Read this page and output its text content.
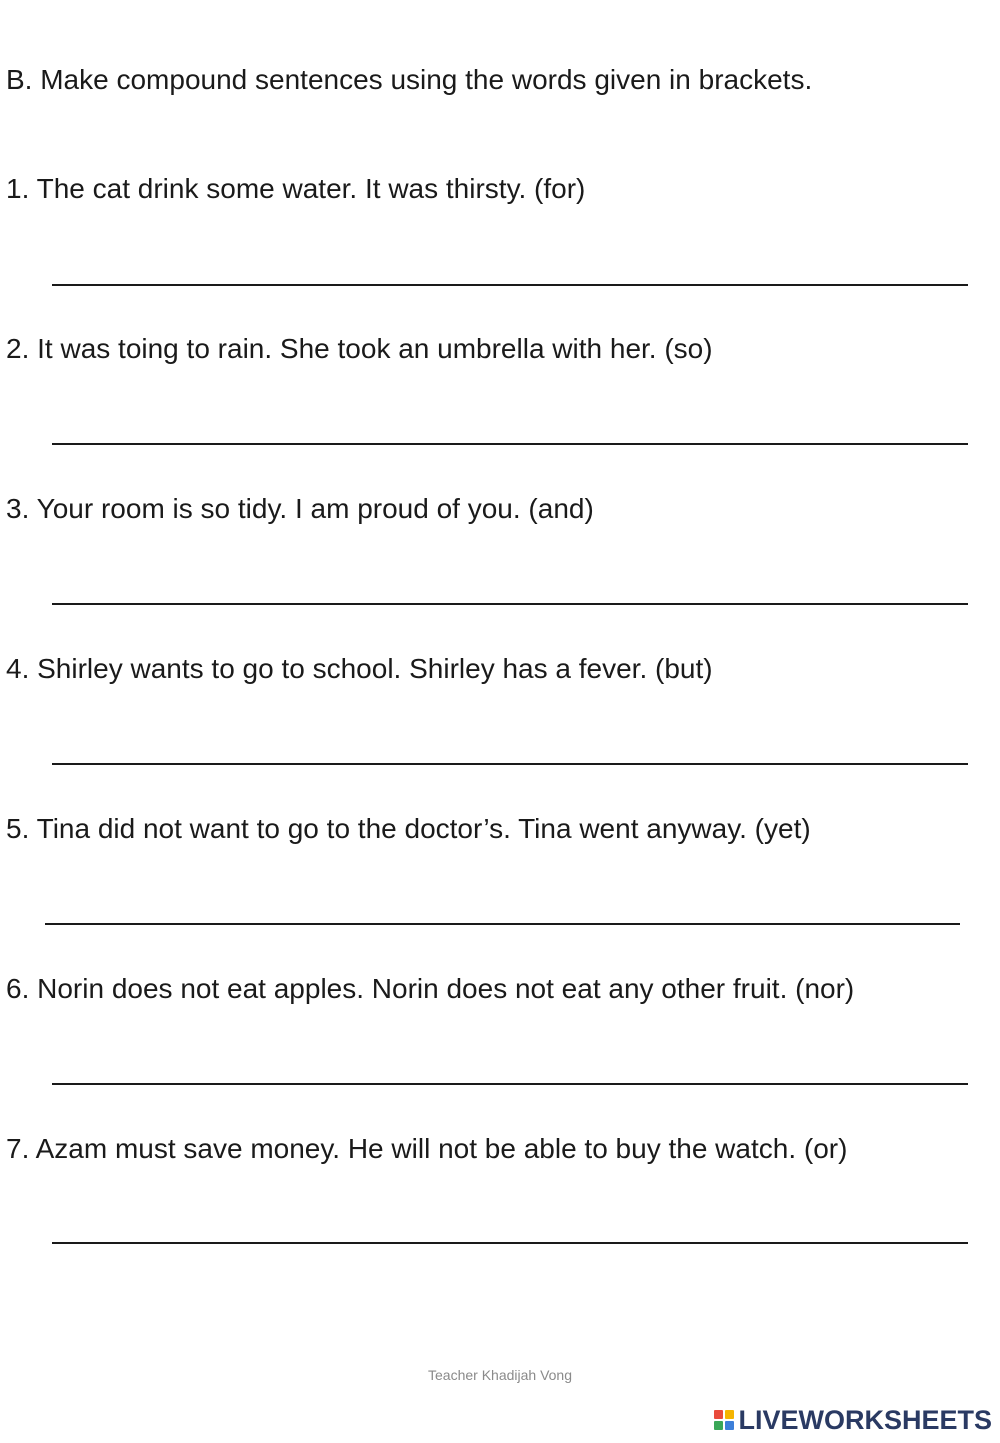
B. Make compound sentences using the words given in brackets.
1. The cat drink some water. It was thirsty. (for)
2. It was toing to rain. She took an umbrella with her. (so)
3. Your room is so tidy. I am proud of you. (and)
4. Shirley wants to go to school. Shirley has a fever. (but)
5. Tina did not want to go to the doctor’s. Tina went anyway. (yet)
6. Norin does not eat apples. Norin does not eat any other fruit. (nor)
7. Azam must save money. He will not be able to buy the watch. (or)
Teacher Khadijah Vong
LIVEWORKSHEETS
